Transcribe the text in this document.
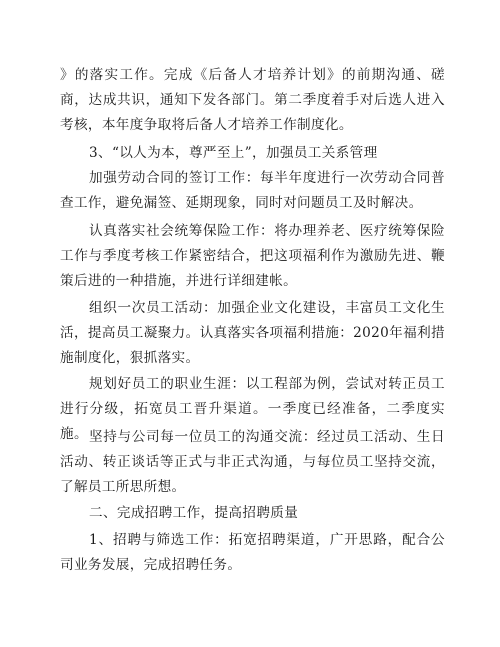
》的落实工作。完成《后备人才培养计划》的前期沟通、磋商，达成共识，通知下发各部门。第二季度着手对后选人进入考核，本年度争取将后备人才培养工作制度化。

3、“以人为本，尊严至上”，加强员工关系管理

加强劳动合同的签订工作：每半年度进行一次劳动合同普查工作，避免漏签、延期现象，同时对问题员工及时解决。

认真落实社会统筹保险工作：将办理养老、医疗统筹保险工作与季度考核工作紧密结合，把这项福利作为激励先进、鞭策后进的一种措施，并进行详细建帐。

组织一次员工活动：加强企业文化建设，丰富员工文化生活，提高员工凝聚力。认真落实各项福利措施：2020年福利措施制度化，狠抓落实。

规划好员工的职业生涯：以工程部为例，尝试对转正员工进行分级，拓宽员工晋升渠道。一季度已经准备，二季度实施。 坚持与公司每一位员工的沟通交流：经过员工活动、生日活动、转正谈话等正式与非正式沟通，与每位员工坚持交流，了解员工所思所想。

二、完成招聘工作，提高招聘质量

1、招聘与筛选工作：拓宽招聘渠道，广开思路，配合公司业务发展，完成招聘任务。
